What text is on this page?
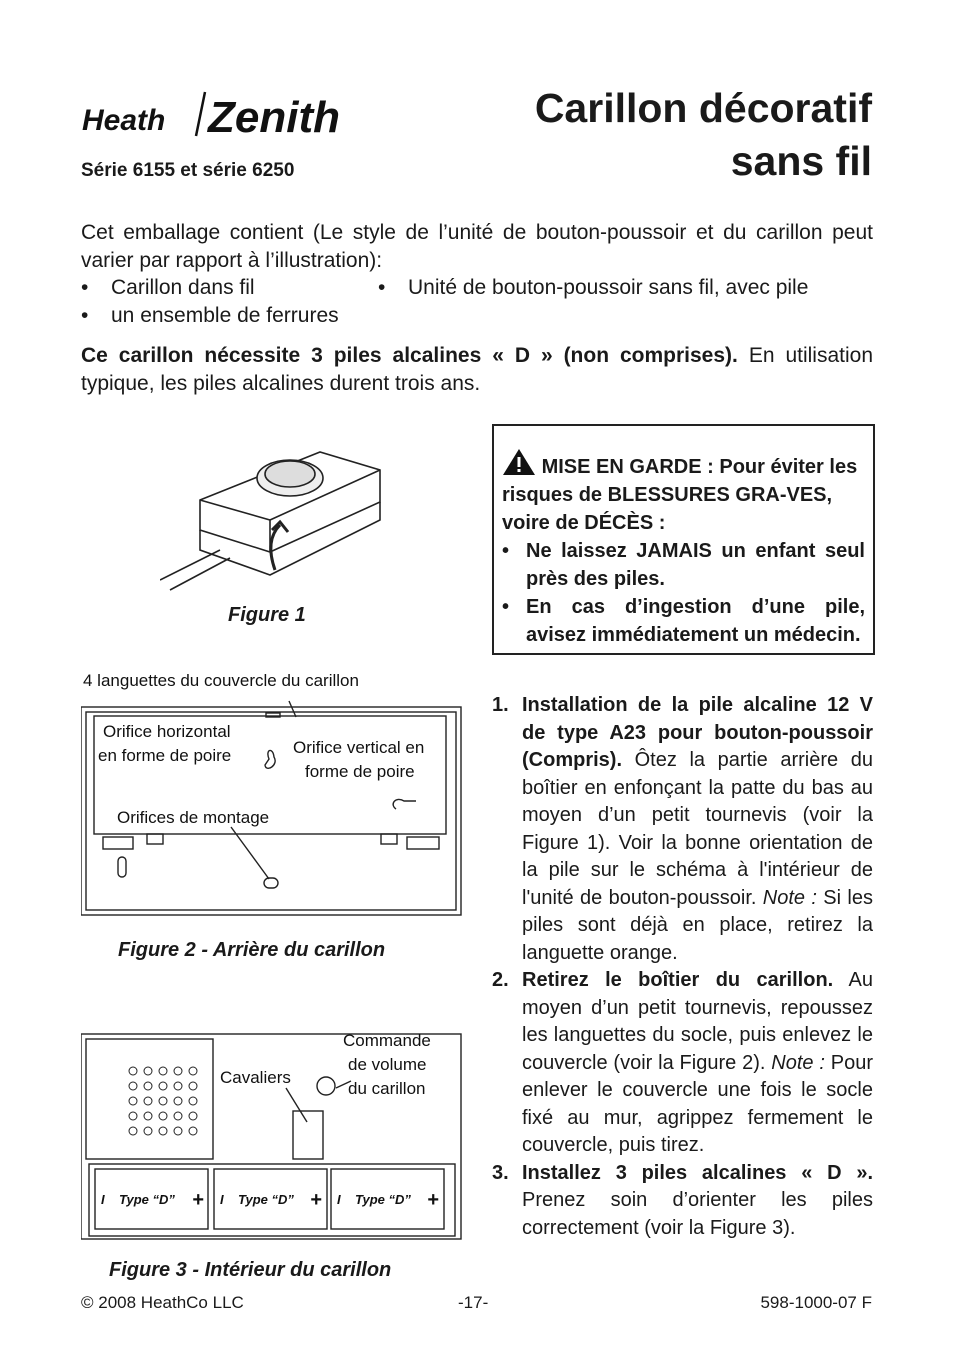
Heath Zenith	Carillon décoratif
sans fil
Série 6155 et série 6250
Cet emballage contient (Le style de l’unité de bouton-poussoir et du carillon peut varier par rapport à l’illustration):
• Carillon dans fil	• Unité de bouton-poussoir sans fil, avec pile
• un ensemble de ferrures
Ce carillon nécessite 3 piles alcalines « D » (non comprises). En utilisation typique, les piles alcalines durent trois ans.
Figure 1
4 languettes du couvercle du carillon
Orifice horizontal
en forme de poire	Orifice vertical en
forme de poire
Orifices de montage
Figure 2 - Arrière du carillon
Commande
de volume
du carillon
Cavaliers
I Type “D” + I Type “D” + I Type “D” +
Figure 3 - Intérieur du carillon
MISE EN GARDE : Pour éviter les risques de BLESSURES GRA-VES, voire de DÉCÈS :
• Ne laissez JAMAIS un enfant seul près des piles.
• En cas d’ingestion d’une pile, avisez immédiatement un médecin.
1. Installation de la pile alcaline 12 V de type A23 pour bouton-poussoir (Compris). Ôtez la partie arrière du boîtier en enfonçant la patte du bas au moyen d’un petit tournevis (voir la Figure 1). Voir la bonne orientation de la pile sur le schéma à l'intérieur de l'unité de bouton-poussoir. Note : Si les piles sont déjà en place, retirez la languette orange.
2. Retirez le boîtier du carillon. Au moyen d’un petit tournevis, repoussez les languettes du socle, puis enlevez le couvercle (voir la Figure 2). Note : Pour enlever le couvercle une fois le socle fixé au mur, agrippez fermement le couvercle, puis tirez.
3. Installez 3 piles alcalines « D ». Prenez soin d’orienter les piles correctement (voir la Figure 3).
© 2008 HeathCo LLC	-17-	598-1000-07 F
